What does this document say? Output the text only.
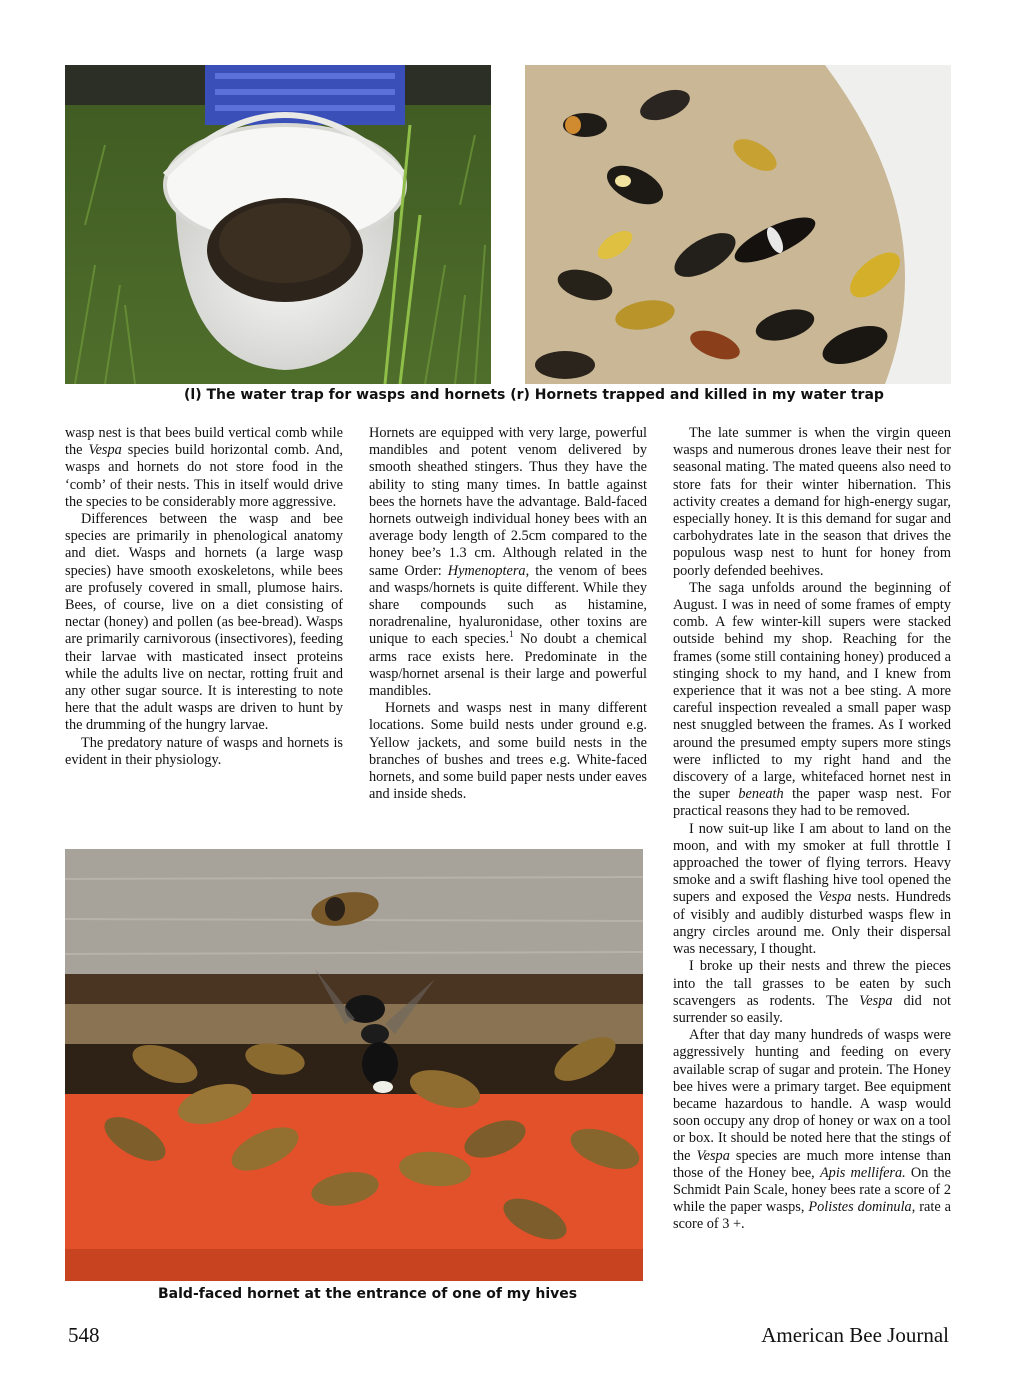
(l) The water trap for wasps and hornets (r) Hornets trapped and killed in my water trap

wasp nest is that bees build vertical comb while the Vespa species build horizontal comb. And, wasps and hornets do not store food in the ‘comb’ of their nests. This in itself would drive the species to be considerably more aggressive.

Differences between the wasp and bee species are primarily in phenological anatomy and diet. Wasps and hornets (a large wasp species) have smooth exoskeletons, while bees are profusely covered in small, plumose hairs. Bees, of course, live on a diet consisting of nectar (honey) and pollen (as bee-bread). Wasps are primarily carnivorous (insectivores), feeding their larvae with masticated insect proteins while the adults live on nectar, rotting fruit and any other sugar source. It is interesting to note here that the adult wasps are driven to hunt by the drumming of the hungry larvae.

The predatory nature of wasps and hornets is evident in their physiology.

Hornets are equipped with very large, powerful mandibles and potent venom delivered by smooth sheathed stingers. Thus they have the ability to sting many times. In battle against bees the hornets have the advantage. Bald-faced hornets outweigh individual honey bees with an average body length of 2.5cm compared to the honey bee’s 1.3 cm. Although related in the same Order: Hymenoptera, the venom of bees and wasps/hornets is quite different. While they share compounds such as histamine, noradrenaline, hyaluronidase, other toxins are unique to each species.$^1$ No doubt a chemical arms race exists here. Predominate in the wasp/hornet arsenal is their large and powerful mandibles.

Hornets and wasps nest in many different locations. Some build nests under ground e.g. Yellow jackets, and some build nests in the branches of bushes and trees e.g. White-faced hornets, and some build paper nests under eaves and inside sheds.

The late summer is when the virgin queen wasps and numerous drones leave their nest for seasonal mating. The mated queens also need to store fats for their winter hibernation. This activity creates a demand for high-energy sugar, especially honey. It is this demand for sugar and carbohydrates late in the season that drives the populous wasp nest to hunt for honey from poorly defended beehives.

The saga unfolds around the beginning of August. I was in need of some frames of empty comb. A few winter-kill supers were stacked outside behind my shop. Reaching for the frames (some still containing honey) produced a stinging shock to my hand, and I knew from experience that it was not a bee sting. A more careful inspection revealed a small paper wasp nest snuggled between the frames. As I worked around the presumed empty supers more stings were inflicted to my right hand and the discovery of a large, whitefaced hornet nest in the super beneath the paper wasp nest. For practical reasons they had to be removed.

I now suit-up like I am about to land on the moon, and with my smoker at full throttle I approached the tower of flying terrors. Heavy smoke and a swift flashing hive tool opened the supers and exposed the Vespa nests. Hundreds of visibly and audibly disturbed wasps flew in angry circles around me. Only their dispersal was necessary, I thought.

I broke up their nests and threw the pieces into the tall grasses to be eaten by such scavengers as rodents. The Vespa did not surrender so easily.

After that day many hundreds of wasps were aggressively hunting and feeding on every available scrap of sugar and protein. The Honey bee hives were a primary target. Bee equipment became hazardous to handle. A wasp would soon occupy any drop of honey or wax on a tool or box. It should be noted here that the stings of the Vespa species are much more intense than those of the Honey bee, Apis mellifera. On the Schmidt Pain Scale, honey bees rate a score of 2 while the paper wasps, Polistes dominula, rate a score of 3 +.

Bald-faced hornet at the entrance of one of my hives
548	American Bee Journal
